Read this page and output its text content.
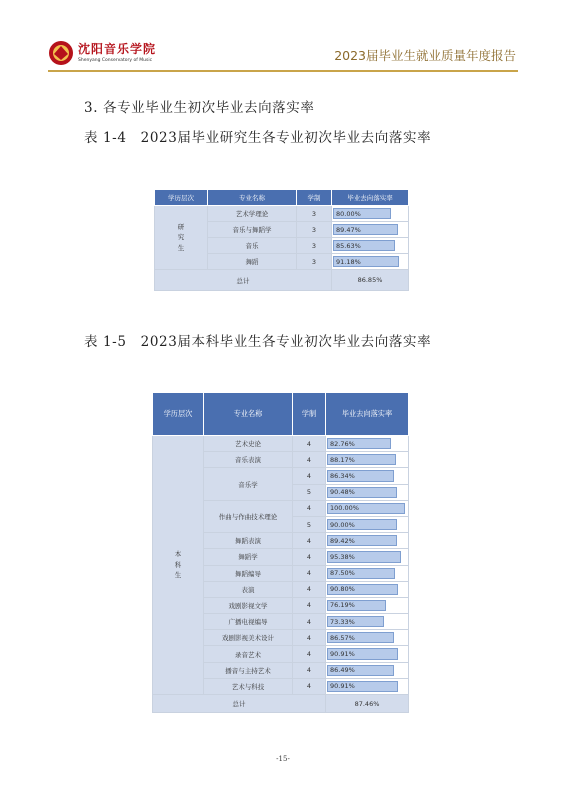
沈阳音乐学院
Shenyang Conservatory of Music	2023届毕业生就业质量年度报告
3. 各专业毕业生初次毕业去向落实率
表 1-4　2023届毕业研究生各专业初次毕业去向落实率
学历层次	专业名称	学制	毕业去向落实率

研
究
生	艺术学理论	3	80.00%
	音乐与舞蹈学	3	89.47%
	音乐	3	85.63%
	舞蹈	3	91.18%
总计			86.85%
表 1-5　2023届本科毕业生各专业初次毕业去向落实率
学历层次	专业名称	学制	毕业去向落实率

本
科
生	艺术史论	4	82.76%
	音乐表演	4	88.17%
	音乐学	4	86.34%
		5	90.48%
	作曲与作曲技术理论	4	100.00%
		5	90.00%
	舞蹈表演	4	89.42%
	舞蹈学	4	95.38%
	舞蹈编导	4	87.50%
	表演	4	90.80%
	戏剧影视文学	4	76.19%
	广播电视编导	4	73.33%
	戏剧影视美术设计	4	86.57%
	录音艺术	4	90.91%
	播音与主持艺术	4	86.49%
	艺术与科技	4	90.91%
总计			87.46%
-15-
